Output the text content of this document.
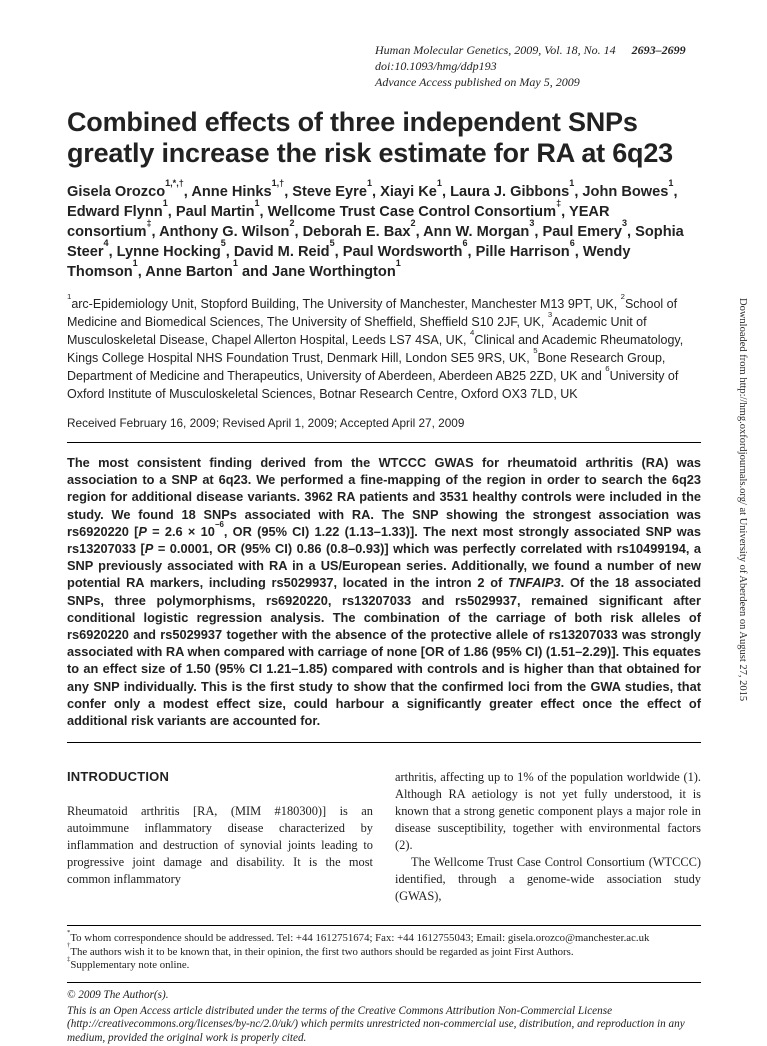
Human Molecular Genetics, 2009, Vol. 18, No. 14 2693–2699
doi:10.1093/hmg/ddp193
Advance Access published on May 5, 2009
Combined effects of three independent SNPs greatly increase the risk estimate for RA at 6q23

Gisela Orozco$^{1,*,\dagger}$, Anne Hinks$^{1,\dagger}$, Steve Eyre$^1$, Xiayi Ke$^1$, Laura J. Gibbons$^1$, John Bowes$^1$, Edward Flynn$^1$, Paul Martin$^1$, Wellcome Trust Case Control Consortium‡, YEAR consortium‡, Anthony G. Wilson$^2$, Deborah E. Bax$^2$, Ann W. Morgan$^3$, Paul Emery$^3$, Sophia Steer$^4$, Lynne Hocking$^5$, David M. Reid$^5$, Paul Wordsworth$^6$, Pille Harrison$^6$, Wendy Thomson$^1$, Anne Barton$^1$ and Jane Worthington$^1$

$^1$arc-Epidemiology Unit, Stopford Building, The University of Manchester, Manchester M13 9PT, UK, $^2$School of Medicine and Biomedical Sciences, The University of Sheffield, Sheffield S10 2JF, UK, $^3$Academic Unit of Musculoskeletal Disease, Chapel Allerton Hospital, Leeds LS7 4SA, UK, $^4$Clinical and Academic Rheumatology, Kings College Hospital NHS Foundation Trust, Denmark Hill, London SE5 9RS, UK, $^5$Bone Research Group, Department of Medicine and Therapeutics, University of Aberdeen, Aberdeen AB25 2ZD, UK and $^6$University of Oxford Institute of Musculoskeletal Sciences, Botnar Research Centre, Oxford OX3 7LD, UK

Received February 16, 2009; Revised April 1, 2009; Accepted April 27, 2009

The most consistent finding derived from the WTCCC GWAS for rheumatoid arthritis (RA) was association to a SNP at 6q23. We performed a fine-mapping of the region in order to search the 6q23 region for additional disease variants. 3962 RA patients and 3531 healthy controls were included in the study. We found 18 SNPs associated with RA. The SNP showing the strongest association was rs6920220 [$P = 2.6 \times 10^{-6}$, OR (95% CI) 1.22 (1.13–1.33)]. The next most strongly associated SNP was rs13207033 [P = 0.0001, OR (95% CI) 0.86 (0.8–0.93)] which was perfectly correlated with rs10499194, a SNP previously associated with RA in a US/European series. Additionally, we found a number of new potential RA markers, including rs5029937, located in the intron 2 of TNFAIP3. Of the 18 associated SNPs, three polymorphisms, rs6920220, rs13207033 and rs5029937, remained significant after conditional logistic regression analysis. The combination of the carriage of both risk alleles of rs6920220 and rs5029937 together with the absence of the protective allele of rs13207033 was strongly associated with RA when compared with carriage of none [OR of 1.86 (95% CI) (1.51–2.29)]. This equates to an effect size of 1.50 (95% CI 1.21–1.85) compared with controls and is higher than that obtained for any SNP individually. This is the first study to show that the confirmed loci from the GWA studies, that confer only a modest effect size, could harbour a significantly greater effect once the effect of additional risk variants are accounted for.
INTRODUCTION

Rheumatoid arthritis [RA, (MIM #180300)] is an autoimmune inflammatory disease characterized by inflammation and destruction of synovial joints leading to progressive joint damage and disability. It is the most common inflammatory

arthritis, affecting up to 1% of the population worldwide (1). Although RA aetiology is not yet fully understood, it is known that a strong genetic component plays a major role in disease susceptibility, together with environmental factors (2).

The Wellcome Trust Case Control Consortium (WTCCC) identified, through a genome-wide association study (GWAS),

*To whom correspondence should be addressed. Tel: +44 1612751674; Fax: +44 1612755043; Email: gisela.orozco@manchester.ac.uk
†The authors wish it to be known that, in their opinion, the first two authors should be regarded as joint First Authors.
‡Supplementary note online.
© 2009 The Author(s).
This is an Open Access article distributed under the terms of the Creative Commons Attribution Non-Commercial License (http://creativecommons.org/licenses/by-nc/2.0/uk/) which permits unrestricted non-commercial use, distribution, and reproduction in any medium, provided the original work is properly cited.
Downloaded from http://hmg.oxfordjournals.org/ at University of Aberdeen on August 27, 2015
